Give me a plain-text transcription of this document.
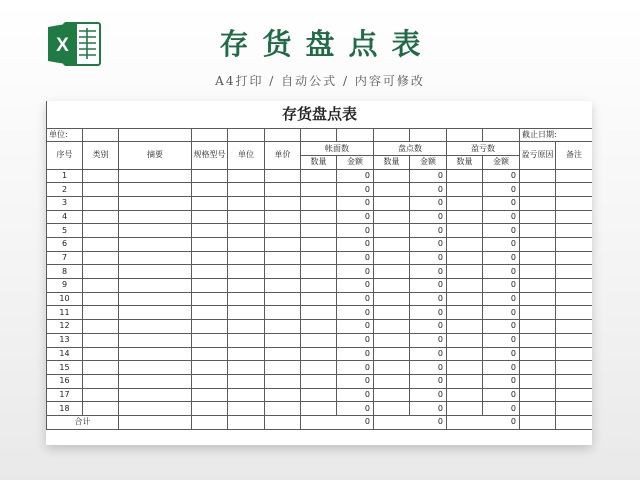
X	存货盘点表
A4打印 / 自动公式 / 内容可修改
存货盘点表													
单位:												截止日期:	
序号	类别	摘要	规格型号	单位	单价	帐面数		盘点数		盈亏数		盈亏原因	备注
						数量	金额	数量	金额	数量	金额		
1							0		0		0		
2							0		0		0		
3							0		0		0		
4							0		0		0		
5							0		0		0		
6							0		0		0		
7							0		0		0		
8							0		0		0		
9							0		0		0		
10							0		0		0		
11							0		0		0		
12							0		0		0		
13							0		0		0		
14							0		0		0		
15							0		0		0		
16							0		0		0		
17							0		0		0		
18							0		0		0		
合计						0		0		0			
